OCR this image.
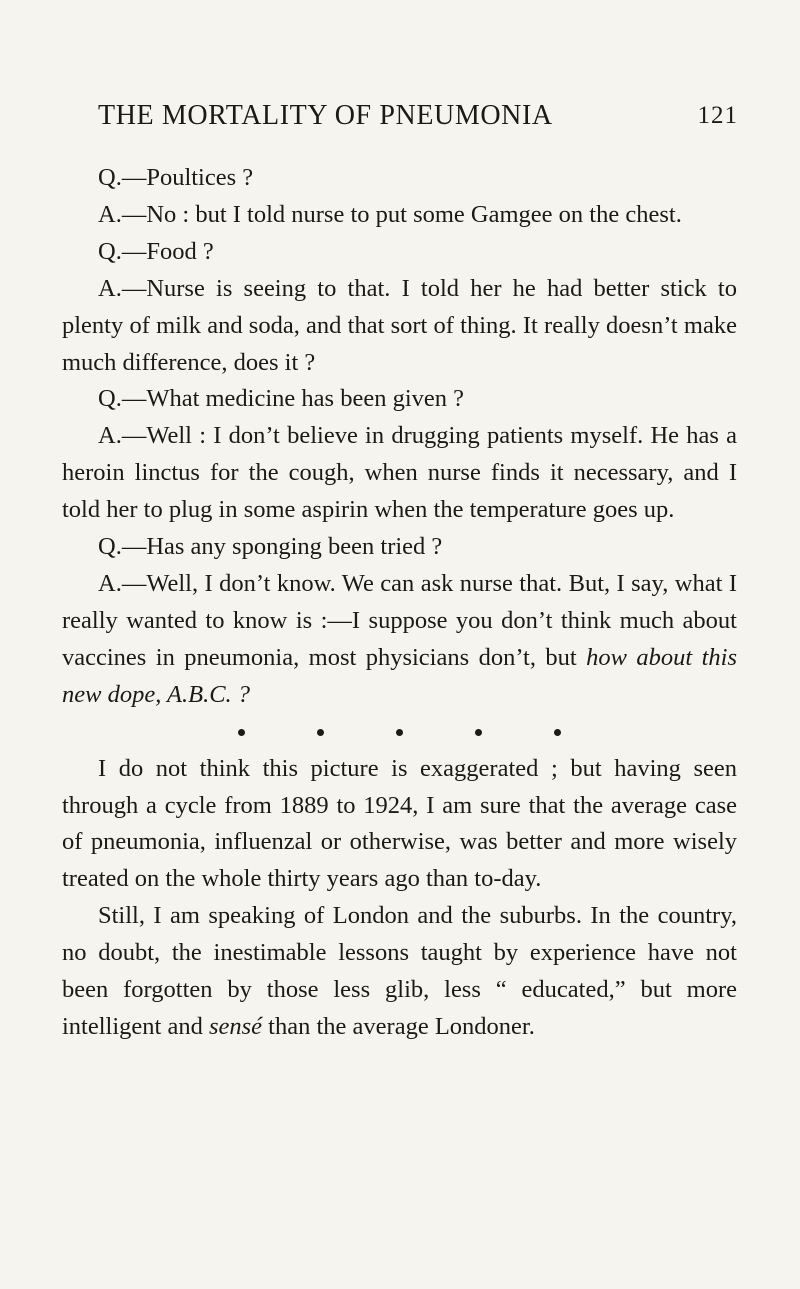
THE MORTALITY OF PNEUMONIA	121

Q.—Poultices ?

A.—No : but I told nurse to put some Gamgee on the chest.

Q.—Food ?

A.—Nurse is seeing to that. I told her he had better stick to plenty of milk and soda, and that sort of thing. It really doesn’t make much difference, does it ?

Q.—What medicine has been given ?

A.—Well : I don’t believe in drugging patients myself. He has a heroin linctus for the cough, when nurse finds it necessary, and I told her to plug in some aspirin when the temperature goes up.

Q.—Has any sponging been tried ?

A.—Well, I don’t know. We can ask nurse that. But, I say, what I really wanted to know is :—I suppose you don’t think much about vaccines in pneumonia, most physicians don’t, but how about this new dope, A.B.C. ?

I do not think this picture is exaggerated ; but having seen through a cycle from 1889 to 1924, I am sure that the average case of pneumonia, influenzal or otherwise, was better and more wisely treated on the whole thirty years ago than to-day.

Still, I am speaking of London and the suburbs. In the country, no doubt, the inestimable lessons taught by experience have not been forgotten by those less glib, less “ educated,” but more intelligent and sensé than the average Londoner.
